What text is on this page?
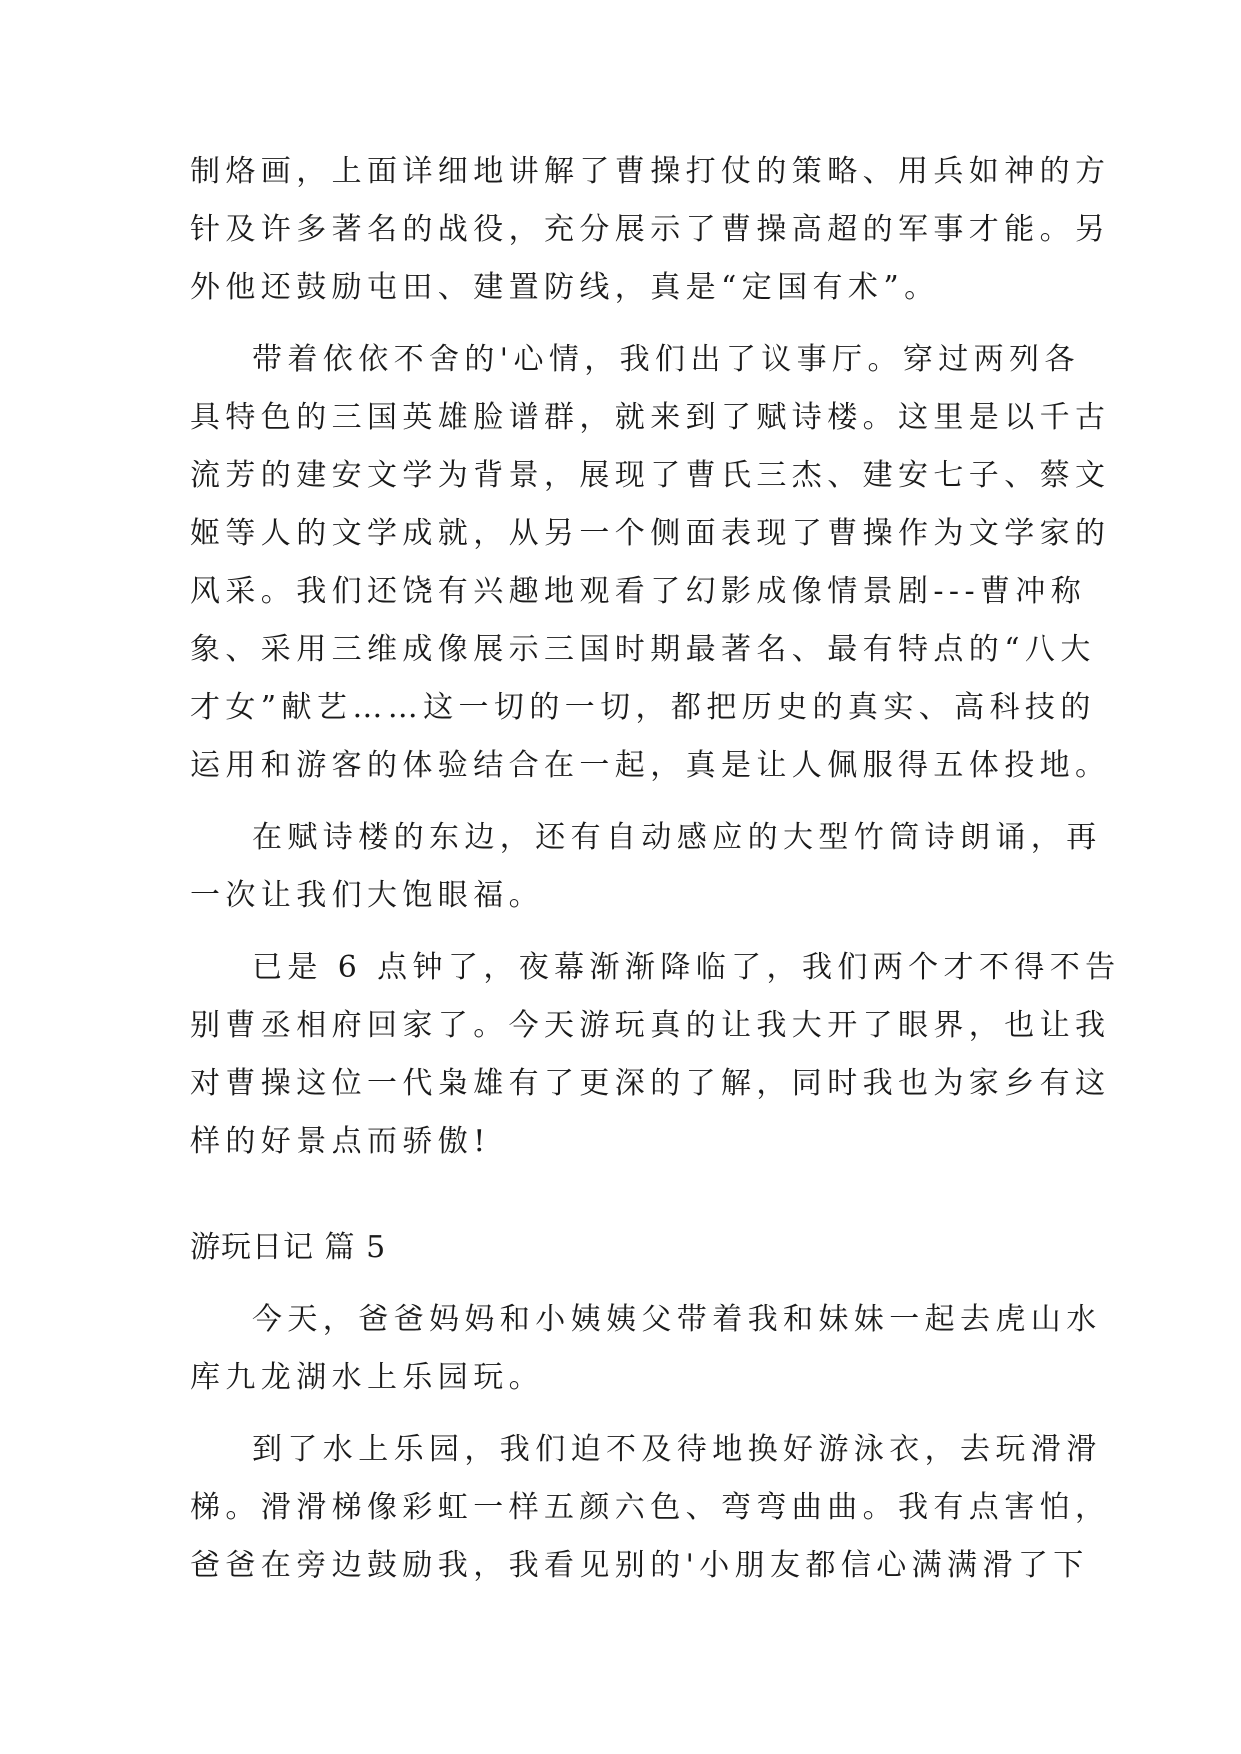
制烙画，上面详细地讲解了曹操打仗的策略、用兵如神的方
针及许多著名的战役，充分展示了曹操高超的军事才能。另
外他还鼓励屯田、建置防线，真是“定国有术”。
带着依依不舍的'心情，我们出了议事厅。穿过两列各
具特色的三国英雄脸谱群，就来到了赋诗楼。这里是以千古
流芳的建安文学为背景，展现了曹氏三杰、建安七子、蔡文
姬等人的文学成就，从另一个侧面表现了曹操作为文学家的
风采。我们还饶有兴趣地观看了幻影成像情景剧---曹冲称
象、采用三维成像展示三国时期最著名、最有特点的“八大
才女”献艺……这一切的一切，都把历史的真实、高科技的
运用和游客的体验结合在一起，真是让人佩服得五体投地。
在赋诗楼的东边，还有自动感应的大型竹筒诗朗诵，再
一次让我们大饱眼福。
已是 6 点钟了，夜幕渐渐降临了，我们两个才不得不告
别曹丞相府回家了。今天游玩真的让我大开了眼界，也让我
对曹操这位一代枭雄有了更深的了解，同时我也为家乡有这
样的好景点而骄傲!
游玩日记 篇 5
今天，爸爸妈妈和小姨姨父带着我和妹妹一起去虎山水
库九龙湖水上乐园玩。
到了水上乐园，我们迫不及待地换好游泳衣，去玩滑滑
梯。滑滑梯像彩虹一样五颜六色、弯弯曲曲。我有点害怕，
爸爸在旁边鼓励我，我看见别的'小朋友都信心满满滑了下
